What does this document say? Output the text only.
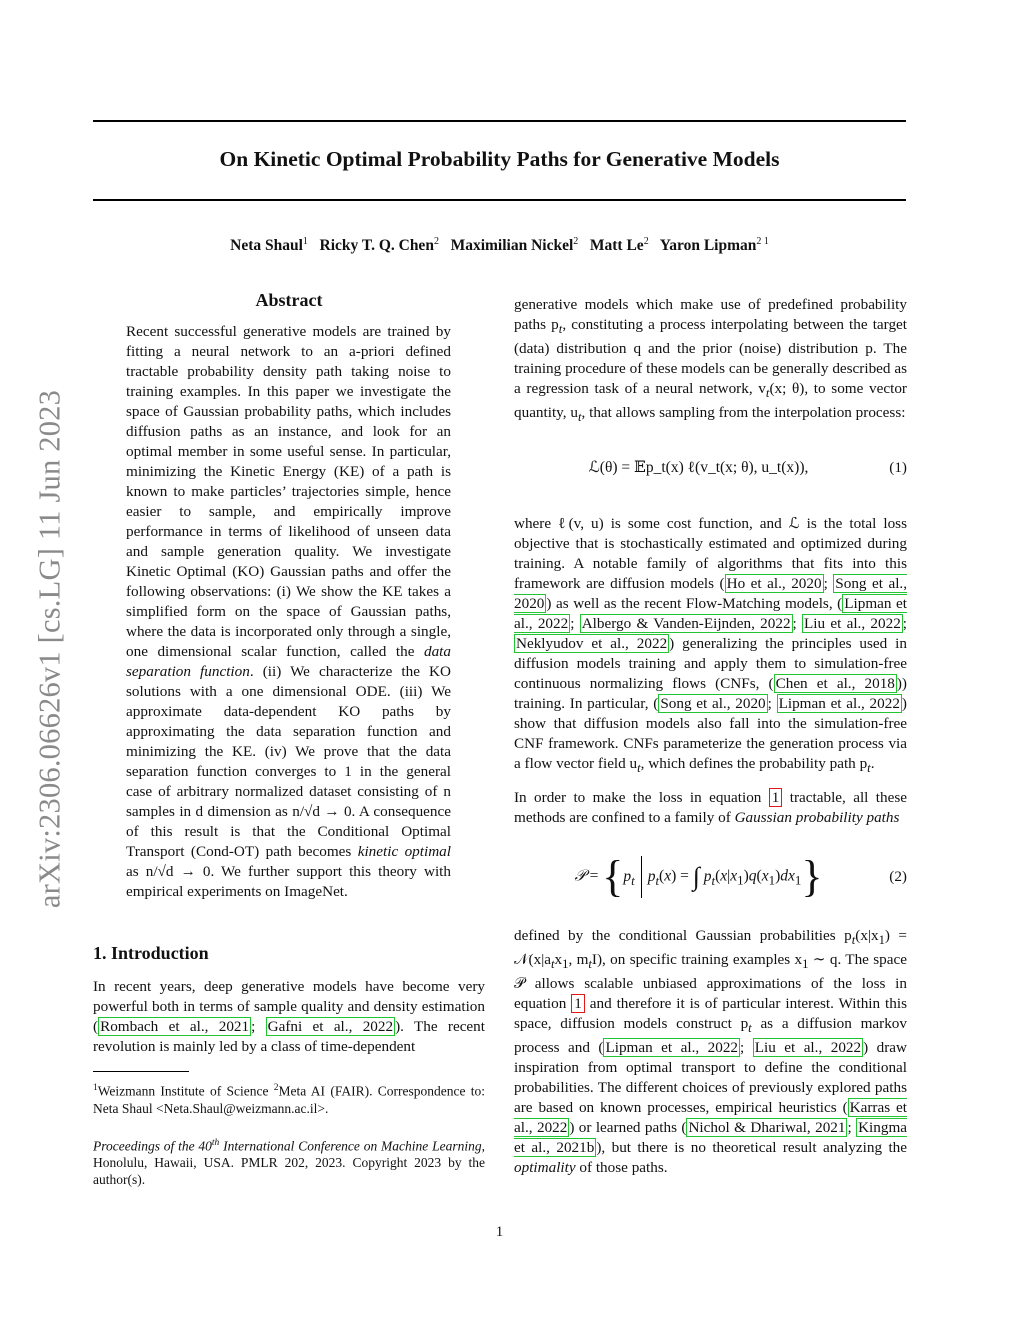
On Kinetic Optimal Probability Paths for Generative Models
Neta Shaul$^1$ Ricky T. Q. Chen$^2$ Maximilian Nickel$^2$ Matt Le$^2$ Yaron Lipman$^{2 1}$
arXiv:2306.06626v1 [cs.LG] 11 Jun 2023
Abstract
Recent successful generative models are trained by fitting a neural network to an a-priori defined tractable probability density path taking noise to training examples. In this paper we investigate the space of Gaussian probability paths, which includes diffusion paths as an instance, and look for an optimal member in some useful sense. In particular, minimizing the Kinetic Energy (KE) of a path is known to make particles’ trajectories simple, hence easier to sample, and empirically improve performance in terms of likelihood of unseen data and sample generation quality. We investigate Kinetic Optimal (KO) Gaussian paths and offer the following observations: (i) We show the KE takes a simplified form on the space of Gaussian paths, where the data is incorporated only through a single, one dimensional scalar function, called the data separation function. (ii) We characterize the KO solutions with a one dimensional ODE. (iii) We approximate data-dependent KO paths by approximating the data separation function and minimizing the KE. (iv) We prove that the data separation function converges to 1 in the general case of arbitrary normalized dataset consisting of n samples in d dimension as n/√d → 0. A consequence of this result is that the Conditional Optimal Transport (Cond-OT) path becomes kinetic optimal as n/√d → 0. We further support this theory with empirical experiments on ImageNet.
1. Introduction

In recent years, deep generative models have become very powerful both in terms of sample quality and density estimation ( Rombach et al., 2021 ; Gafni et al., 2022 ). The recent revolution is mainly led by a class of time-dependent

$^1$Weizmann Institute of Science $^2$Meta AI (FAIR). Correspondence to: Neta Shaul <Neta.Shaul@weizmann.ac.il>.
Proceedings of the 40th International Conference on Machine Learning, Honolulu, Hawaii, USA. PMLR 202, 2023. Copyright 2023 by the author(s).

generative models which make use of predefined probability paths $p_t$, constituting a process interpolating between the target (data) distribution q and the prior (noise) distribution p. The training procedure of these models can be generally described as a regression task of a neural network, $v_t(x$; θ), to some vector quantity, $u_t$, that allows sampling from the interpolation process:

ℒ(θ) = 𝔼p_t(x) ℓ(v_t(x; θ), u_t(x)),	(1)

where ℓ(v, u) is some cost function, and ℒ is the total loss objective that is stochastically estimated and optimized during training. A notable family of algorithms that fits into this framework are diffusion models ( Ho et al., 2020 ; Song et al., 2020 ) as well as the recent Flow-Matching models, ( Lipman et al., 2022 ; Albergo & Vanden-Eijnden, 2022 ; Liu et al., 2022 ; Neklyudov et al., 2022 ) generalizing the principles used in diffusion models training and apply them to simulation-free continuous normalizing flows (CNFs, ( Chen et al., 2018 )) training. In particular, ( Song et al., 2020 ; Lipman et al., 2022 ) show that diffusion models also fall into the simulation-free CNF framework. CNFs parameterize the generation process via a flow vector field $u_t$, which defines the probability path $p_t$.

In order to make the loss in equation 1 tractable, all these methods are confined to a family of Gaussian probability paths

𝒫 = {$p_t$ $p_t(x)$ = ∫ $p_t(x|x_1)q(x_1)dx_1$}	(2)

defined by the conditional Gaussian probabilities $p_t(x|x_1)$ = $𝒩(x|a_tx_1$, $m_tI$), on specific training examples $x_1$ ∼ q. The space 𝒫 allows scalable unbiased approximations of the loss in equation 1 and therefore it is of particular interest. Within this space, diffusion models construct $p_t$ as a diffusion markov process and ( Lipman et al., 2022 ; Liu et al., 2022 ) draw inspiration from optimal transport to define the conditional probabilities. The different choices of previously explored paths are based on known processes, empirical heuristics ( Karras et al., 2022 ) or learned paths ( Nichol & Dhariwal, 2021 ; Kingma et al., 2021b ), but there is no theoretical result analyzing the optimality of those paths.

1
